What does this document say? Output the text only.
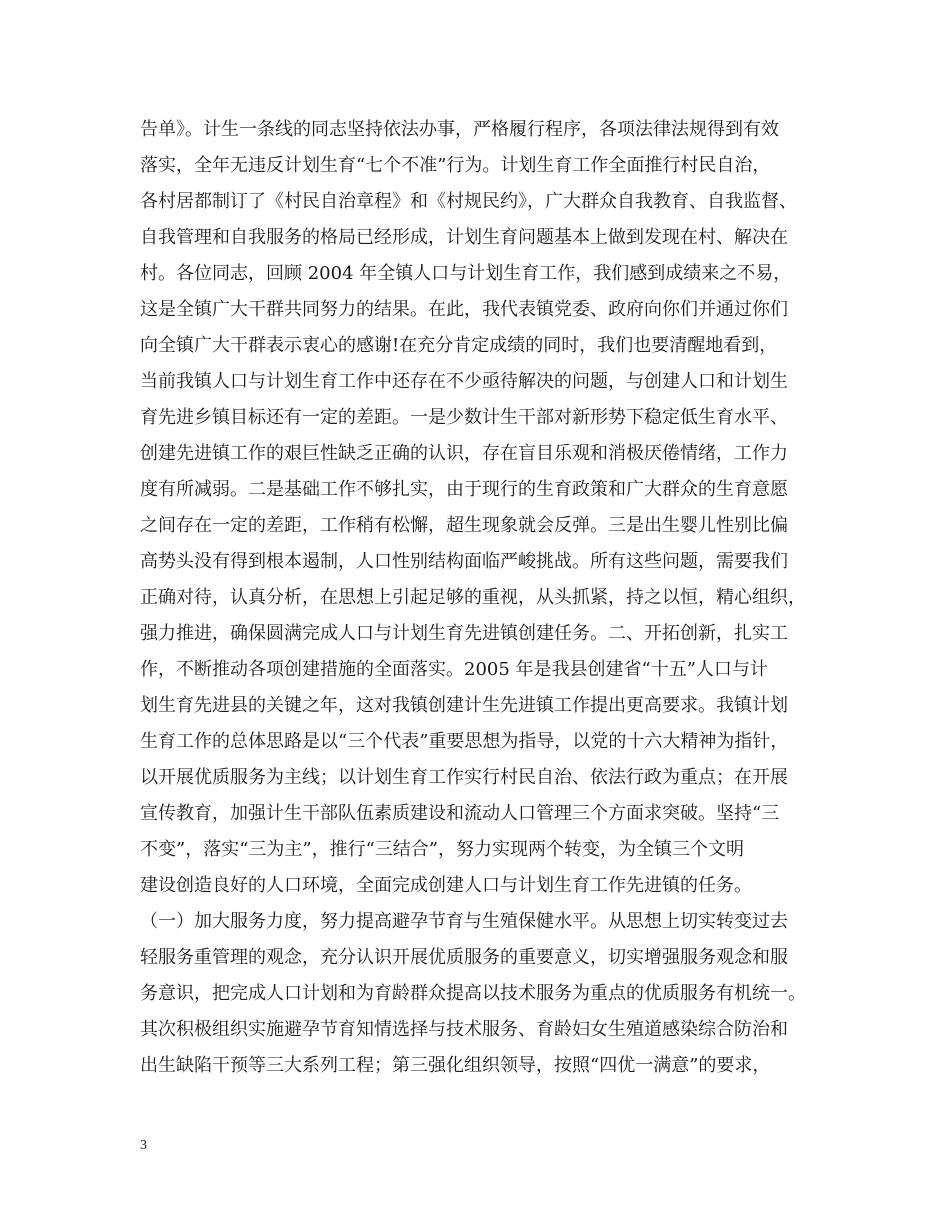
告单》。计生一条线的同志坚持依法办事，严格履行程序，各项法律法规得到有效
落实，全年无违反计划生育“七个不准”行为。计划生育工作全面推行村民自治，
各村居都制订了《村民自治章程》和《村规民约》，广大群众自我教育、自我监督、
自我管理和自我服务的格局已经形成，计划生育问题基本上做到发现在村、解决在
村。各位同志，回顾 2004 年全镇人口与计划生育工作，我们感到成绩来之不易，
这是全镇广大干群共同努力的结果。在此，我代表镇党委、政府向你们并通过你们
向全镇广大干群表示衷心的感谢!在充分肯定成绩的同时，我们也要清醒地看到，
当前我镇人口与计划生育工作中还存在不少亟待解决的问题，与创建人口和计划生
育先进乡镇目标还有一定的差距。一是少数计生干部对新形势下稳定低生育水平、
创建先进镇工作的艰巨性缺乏正确的认识，存在盲目乐观和消极厌倦情绪，工作力
度有所减弱。二是基础工作不够扎实，由于现行的生育政策和广大群众的生育意愿
之间存在一定的差距，工作稍有松懈，超生现象就会反弹。三是出生婴儿性别比偏
高势头没有得到根本遏制，人口性别结构面临严峻挑战。所有这些问题，需要我们
正确对待，认真分析，在思想上引起足够的重视，从头抓紧，持之以恒，精心组织，
强力推进，确保圆满完成人口与计划生育先进镇创建任务。二、开拓创新，扎实工
作，不断推动各项创建措施的全面落实。2005 年是我县创建省“十五”人口与计
划生育先进县的关键之年，这对我镇创建计生先进镇工作提出更高要求。我镇计划
生育工作的总体思路是以“三个代表”重要思想为指导，以党的十六大精神为指针，
以开展优质服务为主线；以计划生育工作实行村民自治、依法行政为重点；在开展
宣传教育，加强计生干部队伍素质建设和流动人口管理三个方面求突破。坚持“三
不变”，落实“三为主”，推行“三结合”，努力实现两个转变，为全镇三个文明
建设创造良好的人口环境，全面完成创建人口与计划生育工作先进镇的任务。
（一）加大服务力度，努力提高避孕节育与生殖保健水平。从思想上切实转变过去
轻服务重管理的观念，充分认识开展优质服务的重要意义，切实增强服务观念和服
务意识，把完成人口计划和为育龄群众提高以技术服务为重点的优质服务有机统一。
其次积极组织实施避孕节育知情选择与技术服务、育龄妇女生殖道感染综合防治和
出生缺陷干预等三大系列工程；第三强化组织领导，按照“四优一满意”的要求，
3
